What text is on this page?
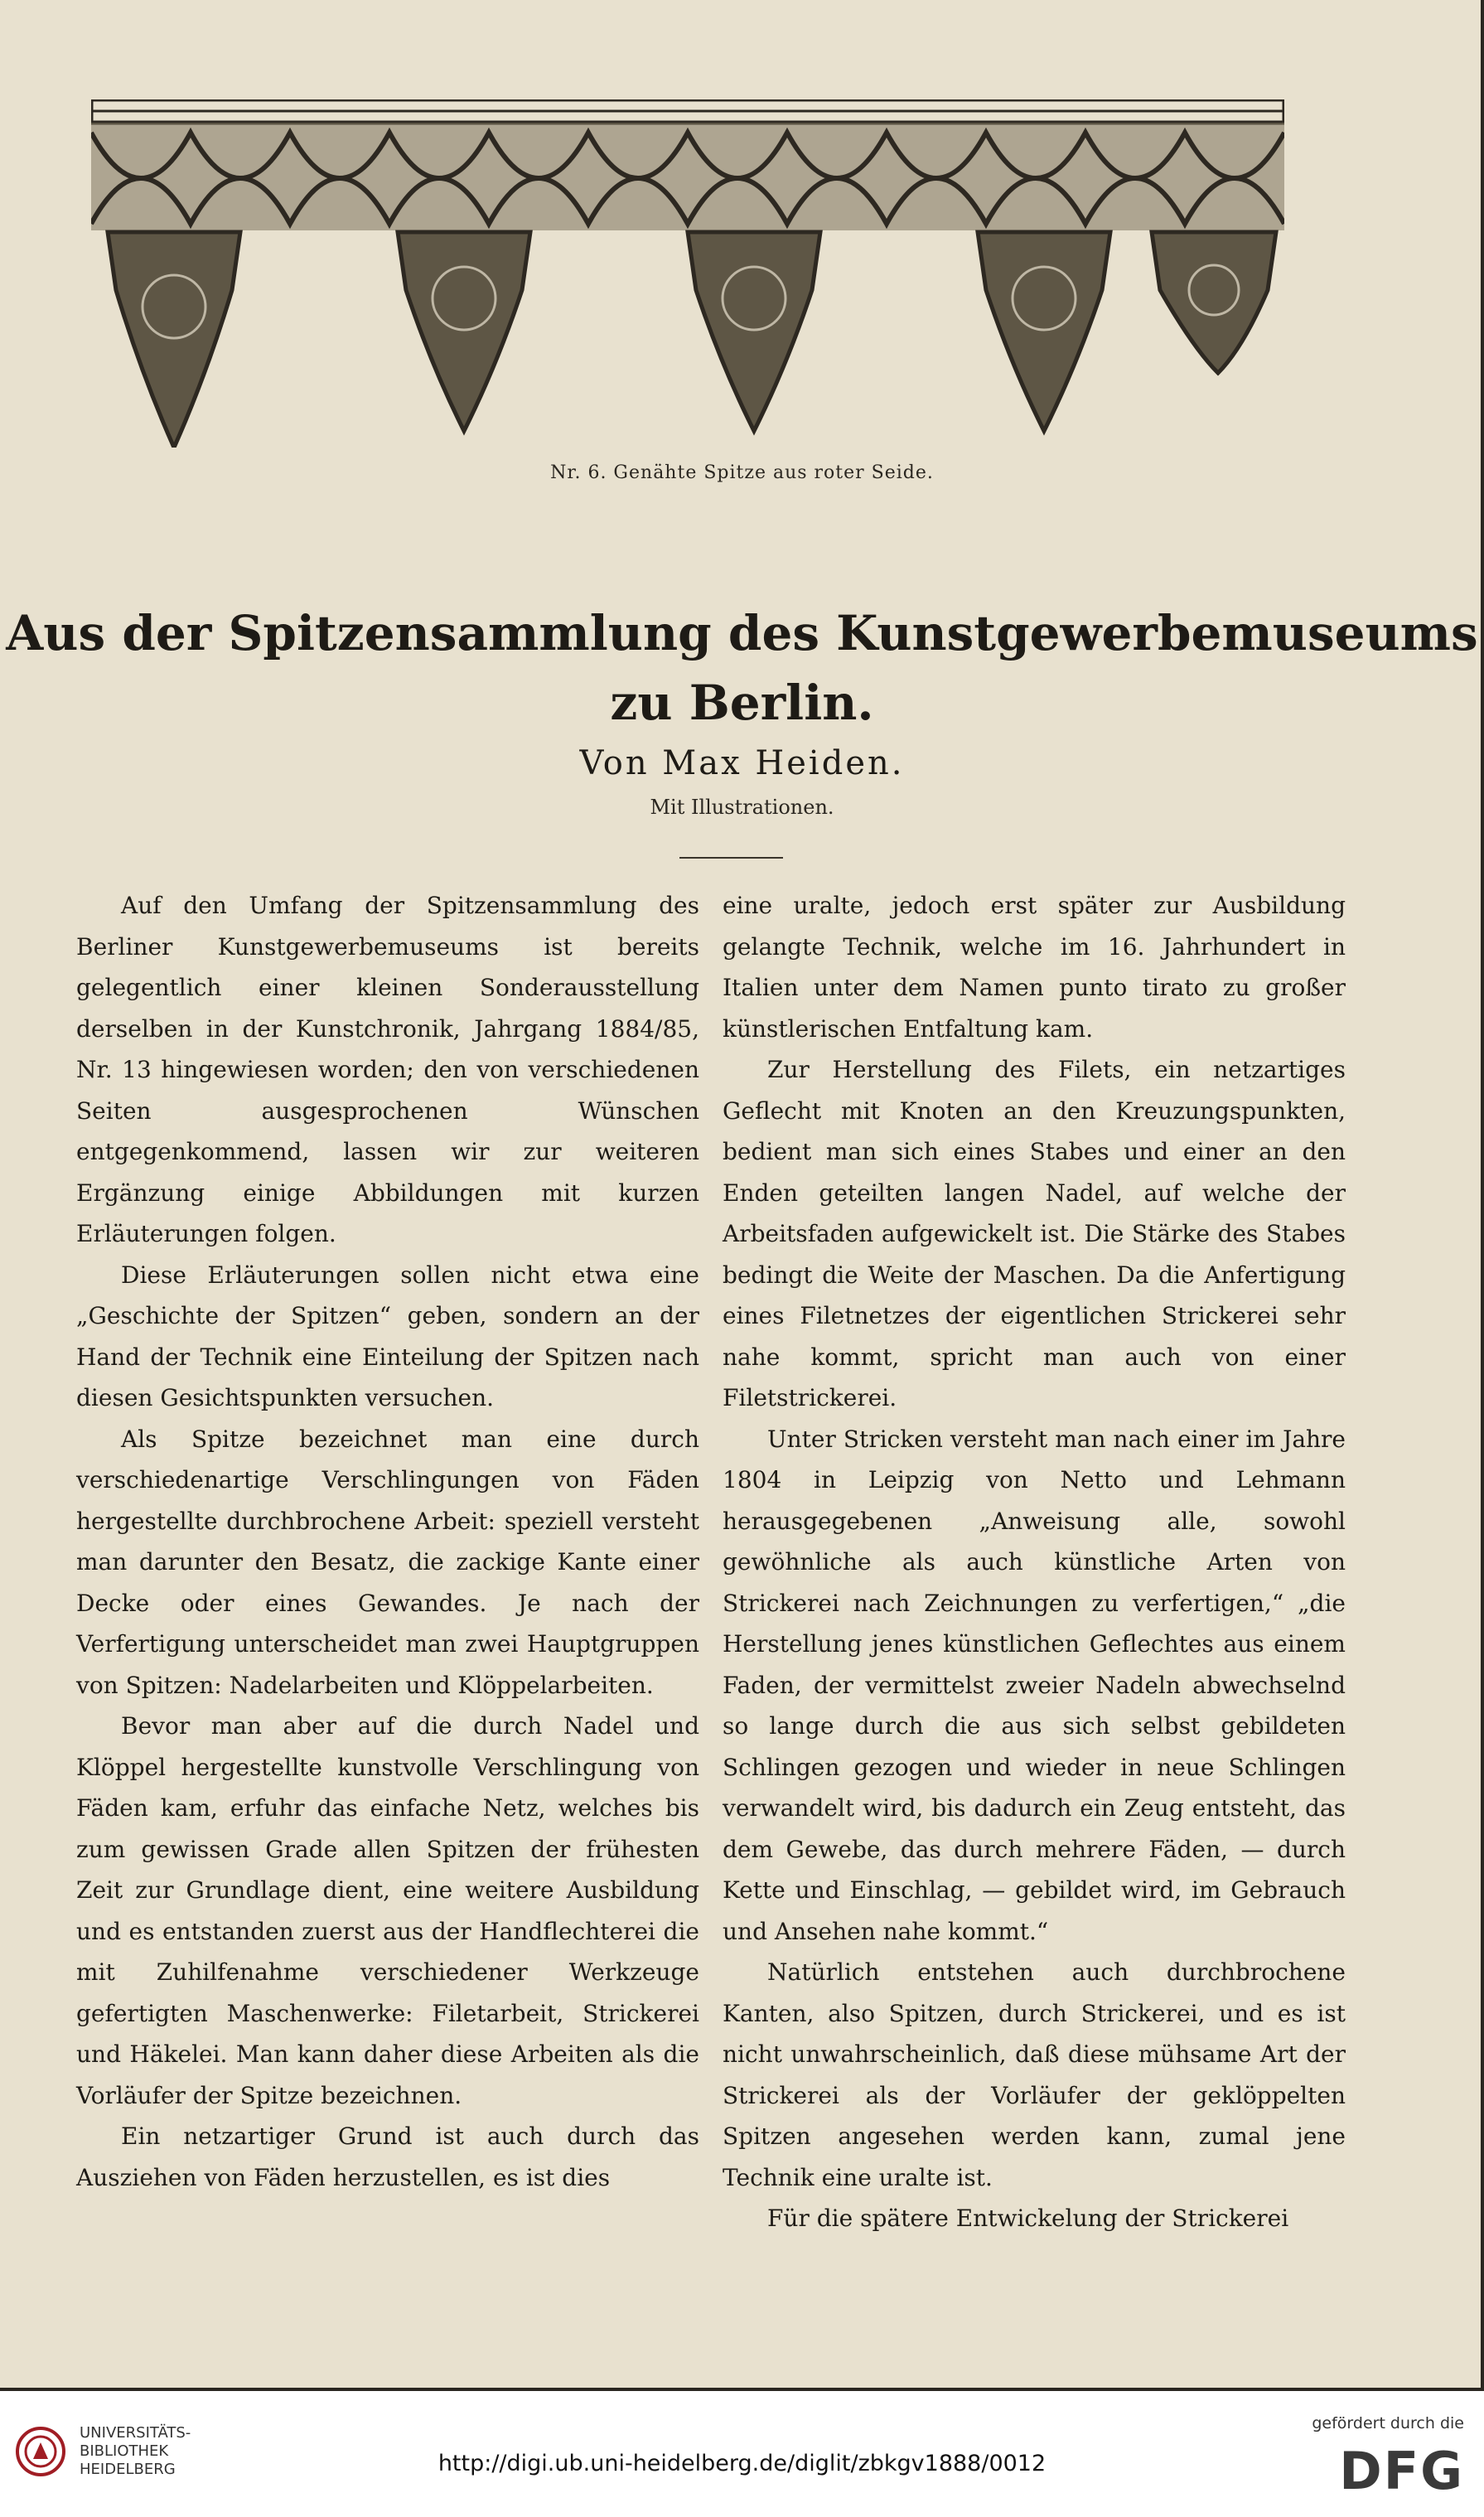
Nr. 6. Genähte Spitze aus roter Seide.
Aus der Spitzensammlung des Kunstgewerbemuseums
zu Berlin.
Von Max Heiden.
Mit Illustrationen.

Auf den Umfang der Spitzensammlung des Berliner Kunstgewerbemuseums ist bereits gelegentlich einer kleinen Sonderausstellung derselben in der Kunstchronik, Jahrgang 1884/85, Nr. 13 hingewiesen worden; den von verschiedenen Seiten ausgesprochenen Wünschen entgegenkommend, lassen wir zur weiteren Ergänzung einige Abbildungen mit kurzen Erläuterungen folgen.

Diese Erläuterungen sollen nicht etwa eine „Geschichte der Spitzen“ geben, sondern an der Hand der Technik eine Einteilung der Spitzen nach diesen Gesichtspunkten versuchen.

Als Spitze bezeichnet man eine durch verschiedenartige Verschlingungen von Fäden hergestellte durchbrochene Arbeit: speziell versteht man darunter den Besatz, die zackige Kante einer Decke oder eines Gewandes. Je nach der Verfertigung unterscheidet man zwei Hauptgruppen von Spitzen: Nadelarbeiten und Klöppelarbeiten.

Bevor man aber auf die durch Nadel und Klöppel hergestellte kunstvolle Verschlingung von Fäden kam, erfuhr das einfache Netz, welches bis zum gewissen Grade allen Spitzen der frühesten Zeit zur Grundlage dient, eine weitere Ausbildung und es entstanden zuerst aus der Handflechterei die mit Zuhilfenahme verschiedener Werkzeuge gefertigten Maschenwerke: Filetarbeit, Strickerei und Häkelei. Man kann daher diese Arbeiten als die Vorläufer der Spitze bezeichnen.

Ein netzartiger Grund ist auch durch das Ausziehen von Fäden herzustellen, es ist dies

eine uralte, jedoch erst später zur Ausbildung gelangte Technik, welche im 16. Jahrhundert in Italien unter dem Namen punto tirato zu großer künstlerischen Entfaltung kam.

Zur Herstellung des Filets, ein netzartiges Geflecht mit Knoten an den Kreuzungspunkten, bedient man sich eines Stabes und einer an den Enden geteilten langen Nadel, auf welche der Arbeitsfaden aufgewickelt ist. Die Stärke des Stabes bedingt die Weite der Maschen. Da die Anfertigung eines Filetnetzes der eigentlichen Strickerei sehr nahe kommt, spricht man auch von einer Filetstrickerei.

Unter Stricken versteht man nach einer im Jahre 1804 in Leipzig von Netto und Lehmann herausgegebenen „Anweisung alle, sowohl gewöhnliche als auch künstliche Arten von Strickerei nach Zeichnungen zu verfertigen,“ „die Herstellung jenes künstlichen Geflechtes aus einem Faden, der vermittelst zweier Nadeln abwechselnd so lange durch die aus sich selbst gebildeten Schlingen gezogen und wieder in neue Schlingen verwandelt wird, bis dadurch ein Zeug entsteht, das dem Gewebe, das durch mehrere Fäden, — durch Kette und Einschlag, — gebildet wird, im Gebrauch und Ansehen nahe kommt.“

Natürlich entstehen auch durchbrochene Kanten, also Spitzen, durch Strickerei, und es ist nicht unwahrscheinlich, daß diese mühsame Art der Strickerei als der Vorläufer der geklöppelten Spitzen angesehen werden kann, zumal jene Technik eine uralte ist.

Für die spätere Entwickelung der Strickerei

UNIVERSITÄTS-
BIBLIOTHEK
HEIDELBERG	http://digi.ub.uni-heidelberg.de/diglit/zbkgv1888/0012
gefördert durch die
DFG
